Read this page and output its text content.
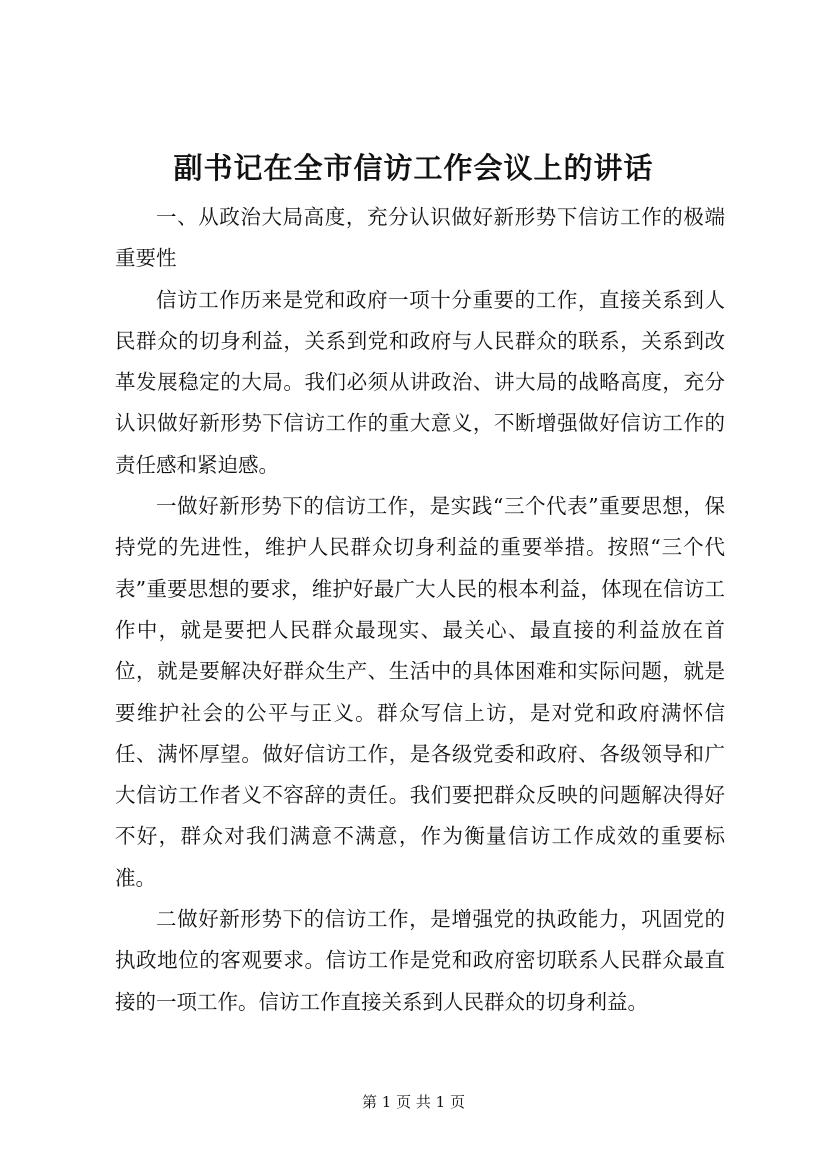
副书记在全市信访工作会议上的讲话

一、从政治大局高度，充分认识做好新形势下信访工作的极端重要性

信访工作历来是党和政府一项十分重要的工作，直接关系到人民群众的切身利益，关系到党和政府与人民群众的联系，关系到改革发展稳定的大局。我们必须从讲政治、讲大局的战略高度，充分认识做好新形势下信访工作的重大意义，不断增强做好信访工作的责任感和紧迫感。

一做好新形势下的信访工作，是实践“三个代表”重要思想，保持党的先进性，维护人民群众切身利益的重要举措。按照“三个代表”重要思想的要求，维护好最广大人民的根本利益，体现在信访工作中，就是要把人民群众最现实、最关心、最直接的利益放在首位，就是要解决好群众生产、生活中的具体困难和实际问题，就是要维护社会的公平与正义。群众写信上访，是对党和政府满怀信任、满怀厚望。做好信访工作，是各级党委和政府、各级领导和广大信访工作者义不容辞的责任。我们要把群众反映的问题解决得好不好，群众对我们满意不满意，作为衡量信访工作成效的重要标准。

二做好新形势下的信访工作，是增强党的执政能力，巩固党的执政地位的客观要求。信访工作是党和政府密切联系人民群众最直接的一项工作。信访工作直接关系到人民群众的切身利益。

第 1 页 共 1 页
